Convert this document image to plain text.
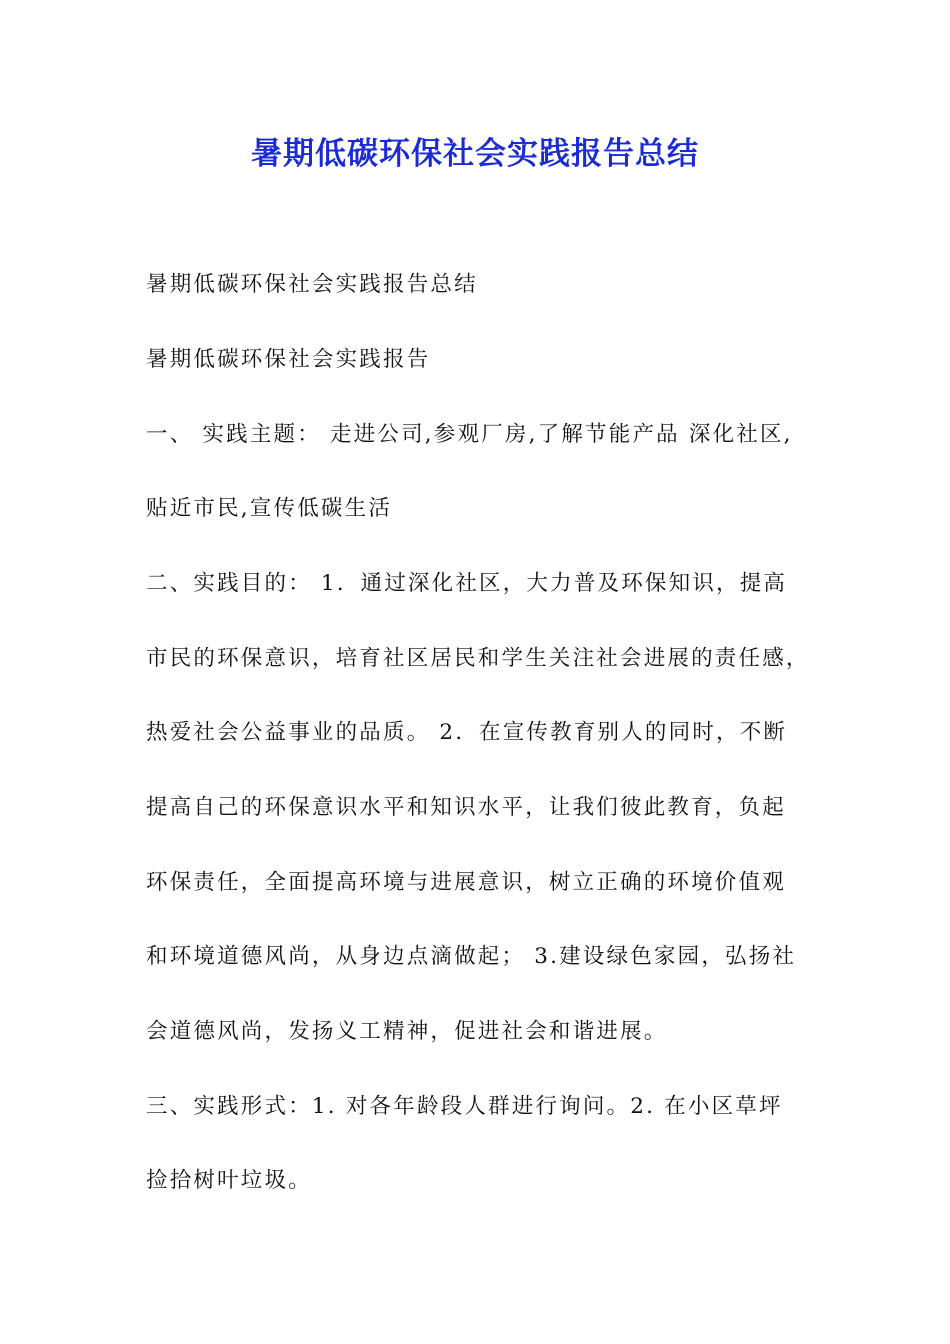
暑期低碳环保社会实践报告总结
暑期低碳环保社会实践报告总结
暑期低碳环保社会实践报告
一、 实践主题： 走进公司,参观厂房,了解节能产品 深化社区,
贴近市民,宣传低碳生活
二、实践目的： 1．通过深化社区，大力普及环保知识，提高
市民的环保意识，培育社区居民和学生关注社会进展的责任感，
热爱社会公益事业的品质。 2．在宣传教育别人的同时，不断
提高自己的环保意识水平和知识水平，让我们彼此教育，负起
环保责任，全面提高环境与进展意识，树立正确的环境价值观
和环境道德风尚，从身边点滴做起； 3.建设绿色家园，弘扬社
会道德风尚，发扬义工精神，促进社会和谐进展。
三、实践形式：1. 对各年龄段人群进行询问。2. 在小区草坪
捡拾树叶垃圾。
